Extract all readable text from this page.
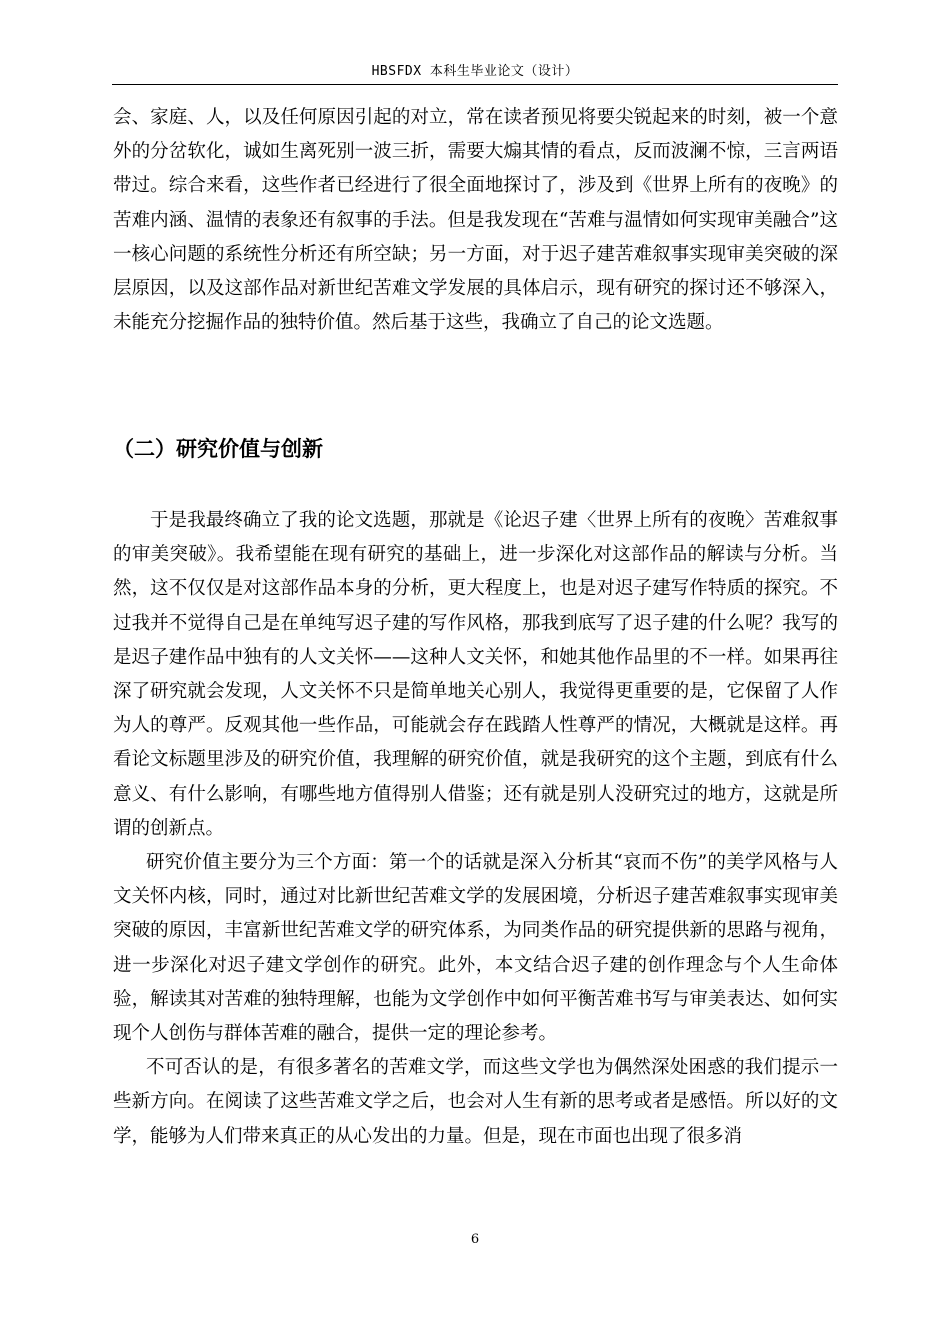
HBSFDX 本科生毕业论文（设计）

会、家庭、人，以及任何原因引起的对立，常在读者预见将要尖锐起来的时刻，被一个意外的分岔软化，诚如生离死别一波三折，需要大煽其情的看点，反而波澜不惊，三言两语带过。综合来看，这些作者已经进行了很全面地探讨了，涉及到《世界上所有的夜晚》的苦难内涵、温情的表象还有叙事的手法。但是我发现在“苦难与温情如何实现审美融合”这一核心问题的系统性分析还有所空缺；另一方面，对于迟子建苦难叙事实现审美突破的深层原因，以及这部作品对新世纪苦难文学发展的具体启示，现有研究的探讨还不够深入，未能充分挖掘作品的独特价值。然后基于这些，我确立了自己的论文选题。

（二）研究价值与创新

于是我最终确立了我的论文选题，那就是《论迟子建〈世界上所有的夜晚〉苦难叙事的审美突破》。我希望能在现有研究的基础上，进一步深化对这部作品的解读与分析。当然，这不仅仅是对这部作品本身的分析，更大程度上，也是对迟子建写作特质的探究。不过我并不觉得自己是在单纯写迟子建的写作风格，那我到底写了迟子建的什么呢？我写的是迟子建作品中独有的人文关怀——这种人文关怀，和她其他作品里的不一样。如果再往深了研究就会发现，人文关怀不只是简单地关心别人，我觉得更重要的是，它保留了人作为人的尊严。反观其他一些作品，可能就会存在践踏人性尊严的情况，大概就是这样。再看论文标题里涉及的研究价值，我理解的研究价值，就是我研究的这个主题，到底有什么意义、有什么影响，有哪些地方值得别人借鉴；还有就是别人没研究过的地方，这就是所谓的创新点。

研究价值主要分为三个方面：第一个的话就是深入分析其“哀而不伤”的美学风格与人文关怀内核，同时，通过对比新世纪苦难文学的发展困境，分析迟子建苦难叙事实现审美突破的原因，丰富新世纪苦难文学的研究体系，为同类作品的研究提供新的思路与视角，进一步深化对迟子建文学创作的研究。此外，本文结合迟子建的创作理念与个人生命体验，解读其对苦难的独特理解，也能为文学创作中如何平衡苦难书写与审美表达、如何实现个人创伤与群体苦难的融合，提供一定的理论参考。

不可否认的是，有很多著名的苦难文学，而这些文学也为偶然深处困惑的我们提示一些新方向。在阅读了这些苦难文学之后，也会对人生有新的思考或者是感悟。所以好的文学，能够为人们带来真正的从心发出的力量。但是，现在市面也出现了很多消

6
